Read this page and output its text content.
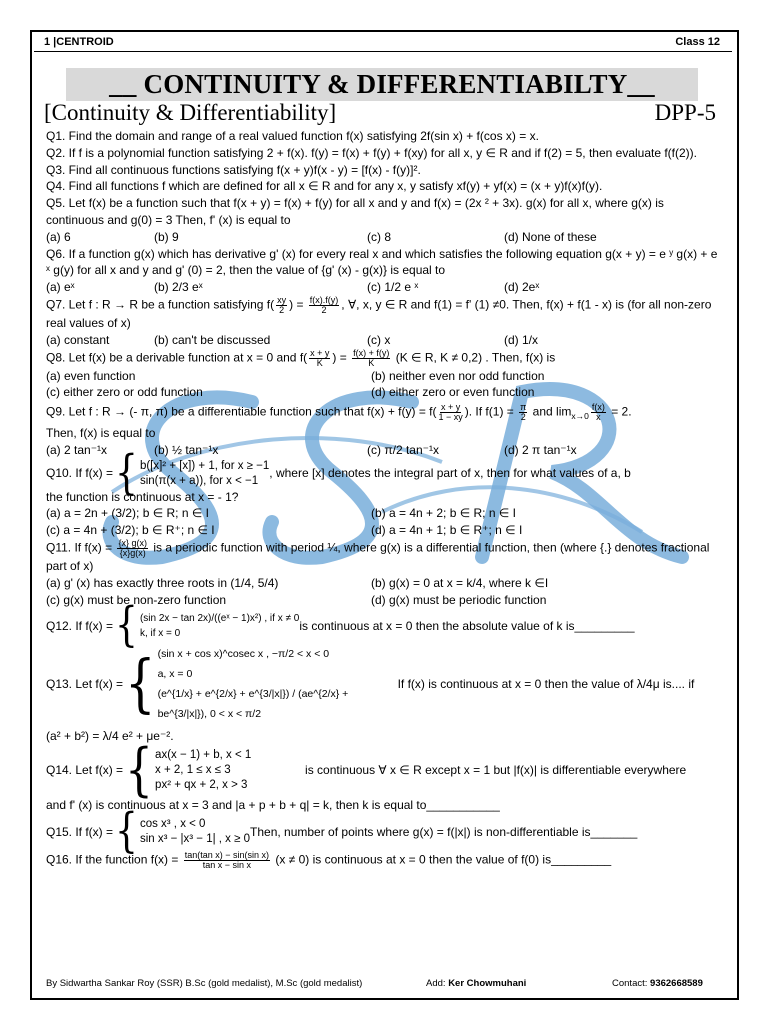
1 |CENTROID	Class 12
__ CONTINUITY & DIFFERENTIABILTY__
[Continuity & Differentiability]	DPP-5

Q1. Find the domain and range of a real valued function f(x) satisfying 2f(sin x) + f(cos x) = x.

Q2. If f is a polynomial function satisfying 2 + f(x). f(y) = f(x) + f(y) + f(xy) for all x, y ∈ R and if f(2) = 5, then evaluate f(f(2)).

Q3. Find all continuous functions satisfying f(x + y)f(x - y) = [f(x) - f(y)]².

Q4. Find all functions f which are defined for all x ∈ R and for any x, y satisfy xf(y) + yf(x) = (x + y)f(x)f(y).

Q5. Let f(x) be a function such that f(x + y) = f(x) + f(y) for all x and y and f(x) = (2x ² + 3x). g(x) for all x, where g(x) is continuous and g(0) = 3 Then, f' (x) is equal to

(a) 6	(b) 9	(c) 8	(d) None of these

Q6. If a function g(x) which has derivative g' (x) for every real x and which satisfies the following equation g(x + y) = e ʸ g(x) + e ˣ g(y) for all x and y and g' (0) = 2, then the value of {g' (x) - g(x)} is equal to

(a) eˣ	(b) 2/3 eˣ	(c) 1/2 e ˣ	(d) 2eˣ

Q7. Let f : R → R be a function satisfying $f( \frac{xy}{2}$ ) = $\frac{f(x).f(y)}{2}$ , ∀, x, y ∈ R and f(1) = f' (1) ≠0. Then, f(x) + f(1 - x) is (for all non-zero real values of x)

(a) constant	(b) can't be discussed	(c) x	(d) 1/x

Q8. Let f(x) be a derivable function at x = 0 and $f( \frac{x + y}{K}$ ) = $\frac{f(x) + f(y)}{K} (K$ ∈ R, K ≠ 0,2) . Then, f(x) is

(a) even function	(b) neither even nor odd function
(c) either zero or odd function	(d) either zero or even function

Q9. Let f : R → (- π, π) be a differentiable function such that $f(x) + f(y) = f( \frac{x + y}{1 - xy}$ ). If $f(1) = \frac{\pi}{2}$ and $\lim_{x\to 0} \frac{f(x)}{x} = 2$.

Then, f(x) is equal to

(a) 2 tan⁻¹x	(b) ½ tan⁻¹x	(c) π/2 tan⁻¹x	(d) 2 π tan⁻¹x
Q10. If f(x) = { b([x]² + [x]) + 1, for x ≥ −1
sin(π(x + a)), for x < −1
, where [x] denotes the integral part of x, then for what values of a, b

the function is continuous at x = - 1?

(a) a = 2n + (3/2); b ∈ R; n ∈ I	(b) a = 4n + 2; b ∈ R; n ∈ I
(c) a = 4n + (3/2); b ∈ R⁺; n ∈ I	(d) a = 4n + 1; b ∈ R⁺; n ∈ I

Q11. If $f(x) = \frac{\{x\} g(x)}{\{x\}g(x)}$ is a periodic function with period ¼, where g(x) is a differential function, then (where {.} denotes fractional part of x)

(a) g' (x) has exactly three roots in (1/4, 5/4)	(b) g(x) = 0 at x = k/4, where k ∈I
(c) g(x) must be non-zero function	(d) g(x) must be periodic function
Q12. If f(x) = { (sin 2x − tan 2x)/((eˣ − 1)x²) , if x ≠ 0
k, if x = 0
is continuous at x = 0 then the absolute value of k is_________
Q13. Let f(x) = { (sin x + cos x)^cosec x , −π/2 < x < 0
a, x = 0
(e^{1/x} + e^{2/x} + e^{3/|x|}) / (ae^{2/x} + be^{3/|x|}), 0 < x < π/2
If f(x) is continuous at x = 0 then the value of λ/4μ is.... if

(a² + b²) = λ/4 e² + μe⁻².

Q14. Let f(x) = { ax(x − 1) + b, x < 1
x + 2, 1 ≤ x ≤ 3
px² + qx + 2, x > 3
is continuous ∀ x ∈ R except x = 1 but |f(x)| is differentiable everywhere

and f' (x) is continuous at x = 3 and |a + p + b + q| = k, then k is equal to___________

Q15. If f(x) = { cos x³ , x < 0
sin x³ − |x³ − 1| , x ≥ 0
Then, number of points where g(x) = f(|x|) is non-differentiable is_______

Q16. If the function $f(x) = \frac{\text{tan(tan x) − sin(sin x)}}{\text{tan x − sin x}} (x \ne 0)$ is continuous at x = 0 then the value of f(0) is_________

By Sidwartha Sankar Roy (SSR) B.Sc (gold medalist), M.Sc (gold medalist)	Add: Ker Chowmuhani	Contact: 9362668589
